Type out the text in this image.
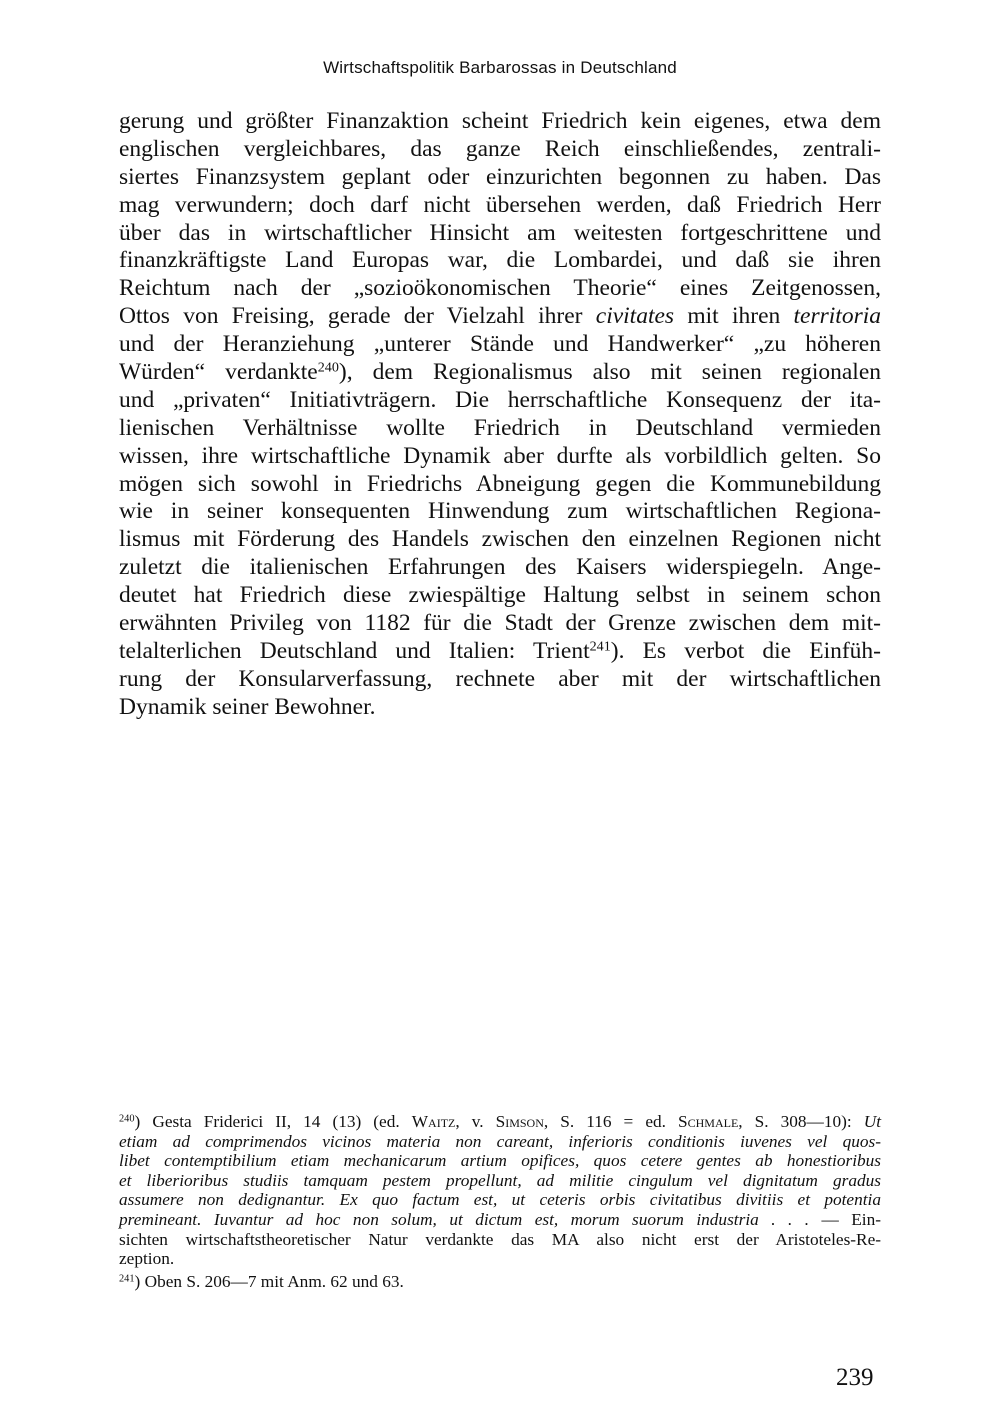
Wirtschaftspolitik Barbarossas in Deutschland
gerung und größter Finanzaktion scheint Friedrich kein eigenes, etwa dem
englischen vergleichbares, das ganze Reich einschließendes, zentrali-
siertes Finanzsystem geplant oder einzurichten begonnen zu haben. Das
mag verwundern; doch darf nicht übersehen werden, daß Friedrich Herr
über das in wirtschaftlicher Hinsicht am weitesten fortgeschrittene und
finanzkräftigste Land Europas war, die Lombardei, und daß sie ihren
Reichtum nach der „sozioökonomischen Theorie“ eines Zeitgenossen,
Ottos von Freising, gerade der Vielzahl ihrer civitates mit ihren territoria
und der Heranziehung „unterer Stände und Handwerker“ „zu höheren
Würden“ verdankte$^{240}$), dem Regionalismus also mit seinen regionalen
und „privaten“ Initiativträgern. Die herrschaftliche Konsequenz der ita-
lienischen Verhältnisse wollte Friedrich in Deutschland vermieden
wissen, ihre wirtschaftliche Dynamik aber durfte als vorbildlich gelten. So
mögen sich sowohl in Friedrichs Abneigung gegen die Kommunebildung
wie in seiner konsequenten Hinwendung zum wirtschaftlichen Regiona-
lismus mit Förderung des Handels zwischen den einzelnen Regionen nicht
zuletzt die italienischen Erfahrungen des Kaisers widerspiegeln. Ange-
deutet hat Friedrich diese zwiespältige Haltung selbst in seinem schon
erwähnten Privileg von 1182 für die Stadt der Grenze zwischen dem mit-
telalterlichen Deutschland und Italien: Trient$^{241}$). Es verbot die Einfüh-
rung der Konsularverfassung, rechnete aber mit der wirtschaftlichen
Dynamik seiner Bewohner.
$^{240}$) Gesta Friderici II, 14 (13) (ed. Waitz, v. Simson, S. 116 = ed. Schmale, S. 308—10): Ut
etiam ad comprimendos vicinos materia non careant, inferioris conditionis iuvenes vel quos-
libet contemptibilium etiam mechanicarum artium opifices, quos cetere gentes ab honestioribus
et liberioribus studiis tamquam pestem propellunt, ad militie cingulum vel dignitatum gradus
assumere non dedignantur. Ex quo factum est, ut ceteris orbis civitatibus divitiis et potentia
premineant. Iuvantur ad hoc non solum, ut dictum est, morum suorum industria . . . — Ein-
sichten wirtschaftstheoretischer Natur verdankte das MA also nicht erst der Aristoteles-Re-
zeption.
$^{241}$) Oben S. 206—7 mit Anm. 62 und 63.
239
